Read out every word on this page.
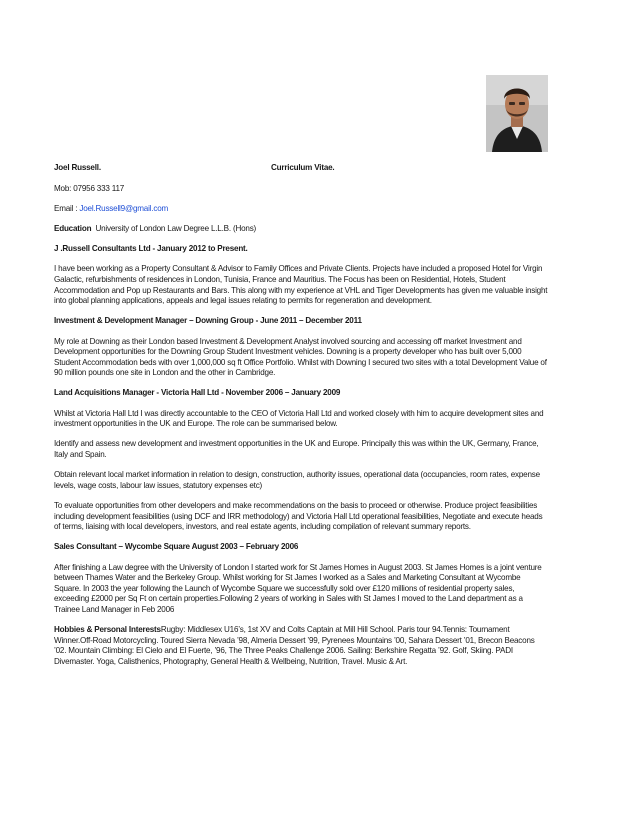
Joel Russell.	Curriculum Vitae.

Mob: 07956 333 117

Email : Joel.Russell9@gmail.com

Education University of London Law Degree L.L.B. (Hons)

J .Russell Consultants Ltd - January 2012 to Present.

I have been working as a Property Consultant & Advisor to Family Offices and Private Clients. Projects have included a proposed Hotel for Virgin Galactic, refurbishments of residences in London, Tunisia, France and Mauritius. The Focus has been on Residential, Hotels, Student Accommodation and Pop up Restaurants and Bars. This along with my experience at VHL and Tiger Developments has given me valuable insight into global planning applications, appeals and legal issues relating to permits for regeneration and development.

Investment & Development Manager – Downing Group - June 2011 – December 2011

My role at Downing as their London based Investment & Development Analyst involved sourcing and accessing off market Investment and Development opportunities for the Downing Group Student Investment vehicles. Downing is a property developer who has built over 5,000 Student Accommodation beds with over 1,000,000 sq ft Office Portfolio. Whilst with Downing I secured two sites with a total Development Value of 90 million pounds one site in London and the other in Cambridge.

Land Acquisitions Manager - Victoria Hall Ltd - November 2006 – January 2009

Whilst at Victoria Hall Ltd I was directly accountable to the CEO of Victoria Hall Ltd and worked closely with him to acquire development sites and investment opportunities in the UK and Europe. The role can be summarised below.

Identify and assess new development and investment opportunities in the UK and Europe. Principally this was within the UK, Germany, France, Italy and Spain.

Obtain relevant local market information in relation to design, construction, authority issues, operational data (occupancies, room rates, expense levels, wage costs, labour law issues, statutory expenses etc)

To evaluate opportunities from other developers and make recommendations on the basis to proceed or otherwise. Produce project feasibilities including development feasibilities (using DCF and IRR methodology) and Victoria Hall Ltd operational feasibilities, Negotiate and execute heads of terms, liaising with local developers, investors, and real estate agents, including compilation of relevant summary reports.

Sales Consultant – Wycombe Square August 2003 – February 2006

After finishing a Law degree with the University of London I started work for St James Homes in August 2003. St James Homes is a joint venture between Thames Water and the Berkeley Group. Whilst working for St James I worked as a Sales and Marketing Consultant at Wycombe Square. In 2003 the year following the Launch of Wycombe Square we successfully sold over £120 millions of residential property sales, exceeding £2000 per Sq Ft on certain properties.Following 2 years of working in Sales with St James I moved to the Land department as a Trainee Land Manager in Feb 2006

Hobbies & Personal InterestsRugby: Middlesex U16’s, 1st XV and Colts Captain at Mill Hill School. Paris tour 94.Tennis: Tournament Winner.Off-Road Motorcycling. Toured Sierra Nevada ’98, Almeria Dessert ’99, Pyrenees Mountains ’00, Sahara Dessert ’01, Brecon Beacons ’02. Mountain Climbing: El Cielo and El Fuerte, ’96, The Three Peaks Challenge 2006. Sailing: Berkshire Regatta ’92. Golf, Skiing. PADI Divemaster. Yoga, Calisthenics, Photography, General Health & Wellbeing, Nutrition, Travel. Music & Art.
